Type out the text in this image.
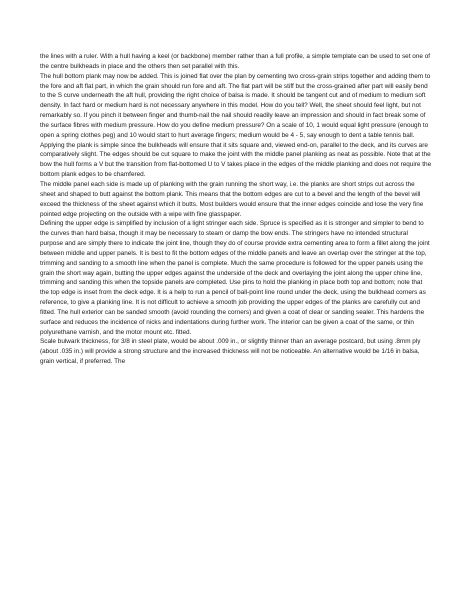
the lines with a ruler. With a hull having a keel (or backbone) member rather than a full profile, a simple template can be used to set one of the centre bulkheads in place and the others then set parallel with this.

The hull bottom plank may now be added. This is joined flat over the plan by cementing two cross-grain strips together and adding them to the fore and aft flat part, in which the grain should run fore and aft. The flat part will be stiff but the cross-grained after part will easily bend to the S curve underneath the aft hull, providing the right choice of balsa is made. It should be tangent cut and of medium to medium soft density. In fact hard or medium hard is not necessary anywhere in this model. How do you tell? Well, the sheet should feel light, but not remarkably so. If you pinch it between finger and thumb-nail the nail should readily leave an impression and should in fact break some of the surface fibres with medium pressure. How do you define medium pressure? On a scale of 10, 1 would equal light pressure (enough to open a spring clothes peg) and 10 would start to hurt average fingers; medium would be 4 - 5, say enough to dent a table tennis ball.

Applying the plank is simple since the bulkheads will ensure that it sits square and, viewed end-on, parallel to the deck, and its curves are comparatively slight. The edges should be cut square to make the joint with the middle panel planking as neat as possible. Note that at the bow the hull forms a V but the transition from flat-bottomed U to V takes place in the edges of the middle planking and does not require the bottom plank edges to be chamfered.

The middle panel each side is made up of planking with the grain running the short way, i.e. the planks are short strips cut across the sheet and shaped to butt against the bottom plank. This means that the bottom edges are cut to a bevel and the length of the bevel will exceed the thickness of the sheet against which it butts. Most builders would ensure that the inner edges coincide and lose the very fine pointed edge projecting on the outside with a wipe with fine glasspaper.

Defining the upper edge is simplified by inclusion of a light stringer each side. Spruce is specified as it is stronger and simpler to bend to the curves than hard balsa, though it may be necessary to steam or damp the bow ends. The stringers have no intended structural purpose and are simply there to indicate the joint line, though they do of course provide extra cementing area to form a fillet along the joint between middle and upper panels. It is best to fit the bottom edges of the middle panels and leave an overlap over the stringer at the top, trimming and sanding to a smooth line when the panel is complete. Much the same procedure is followed for the upper panels using the grain the short way again, butting the upper edges against the underside of the deck and overlaying the joint along the upper chine line, trimming and sanding this when the topside panels are completed. Use pins to hold the planking in place both top and bottom; note that the top edge is inset from the deck edge. It is a help to run a pencil of ball-point line round under the deck, using the bulkhead corners as reference, to give a planking line. It is not difficult to achieve a smooth job providing the upper edges of the planks are carefully cut and fitted. The hull exterior can be sanded smooth (avoid rounding the corners) and given a coat of clear or sanding sealer. This hardens the surface and reduces the incidence of nicks and indentations during further work. The interior can be given a coat of the same, or thin polyurethane varnish, and the motor mount etc. fitted.

Scale bulwark thickness, for 3/8 in steel plate, would be about .009 in., or slightly thinner than an average postcard, but using .8mm ply (about .035 in.) will provide a strong structure and the increased thickness will not be noticeable. An alternative would be 1/16 in balsa, grain vertical, if preferred. The
